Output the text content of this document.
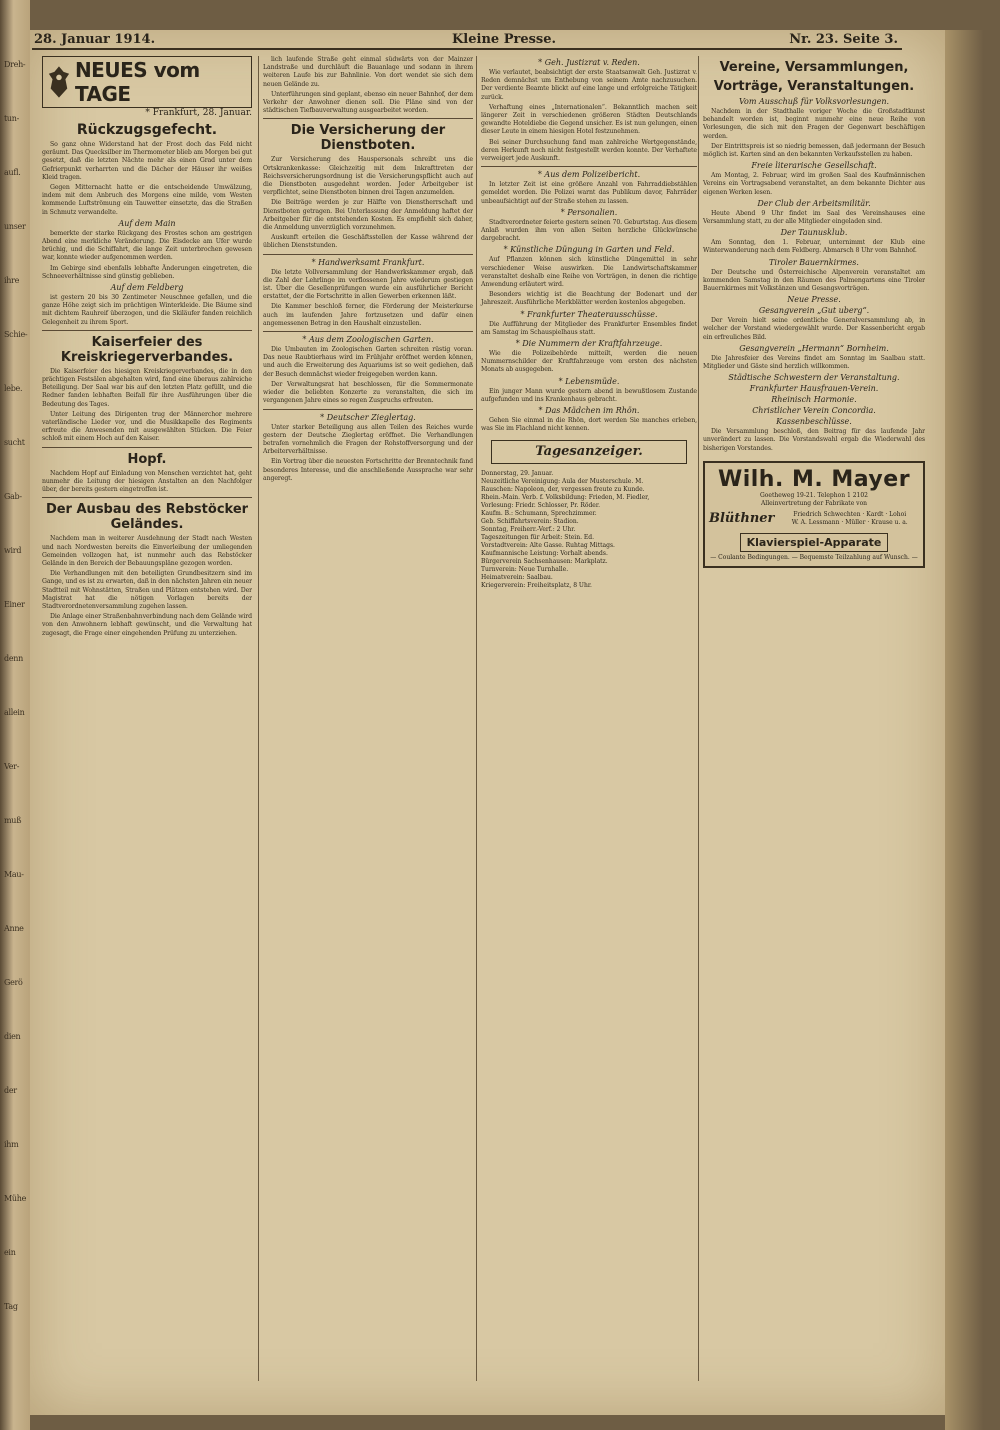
Dreh-
tun-
aufl.
unser
ihre
Schie-
lebe.
sucht
Gab-
wird
Einer
denn
allein
Ver-
muß
Mau-
Anne
Gerö
dien
der
ihm
Mühe
ein
Tag
28. Januar 1914.	Kleine Presse.	Nr. 23. Seite 3.
NEUES vom TAGE
* Frankfurt, 28. Januar.
Rückzugsgefecht.

So ganz ohne Widerstand hat der Frost doch das Feld nicht geräumt. Das Quecksilber im Thermometer blieb am Morgen bei gut gesetzt, daß die letzten Nächte mehr als einen Grad unter dem Gefrierpunkt verharrten und die Dächer der Häuser ihr weißes Kleid tragen.

Gegen Mitternacht hatte er die entscheidende Umwälzung, indem mit dem Anbruch des Morgens eine milde, vom Westen kommende Luftströmung ein Tauwetter einsetzte, das die Straßen in Schmutz verwandelte.

Auf dem Main

bemerkte der starke Rückgang des Frostes schon am gestrigen Abend eine merkliche Veränderung. Die Eisdecke am Ufer wurde brüchig, und die Schiffahrt, die lange Zeit unterbrochen gewesen war, konnte wieder aufgenommen werden.

Im Gebirge sind ebenfalls lebhafte Änderungen eingetreten, die Schneeverhältnisse sind günstig geblieben.

Auf dem Feldberg

ist gestern 20 bis 30 Zentimeter Neuschnee gefallen, und die ganze Höhe zeigt sich im prächtigen Winterkleide. Die Bäume sind mit dichtem Rauhreif überzogen, und die Skiläufer fanden reichlich Gelegenheit zu ihrem Sport.

Kaiserfeier des Kreiskriegerverbandes.

Die Kaiserfeier des hiesigen Kreiskriegerverbandes, die in den prächtigen Festsälen abgehalten wird, fand eine überaus zahlreiche Beteiligung. Der Saal war bis auf den letzten Platz gefüllt, und die Redner fanden lebhaften Beifall für ihre Ausführungen über die Bedeutung des Tages.

Unter Leitung des Dirigenten trug der Männerchor mehrere vaterländische Lieder vor, und die Musikkapelle des Regiments erfreute die Anwesenden mit ausgewählten Stücken. Die Feier schloß mit einem Hoch auf den Kaiser.

Hopf.

Nachdem Hopf auf Einladung von Menschen verzichtet hat, geht nunmehr die Leitung der hiesigen Anstalten an den Nachfolger über, der bereits gestern eingetroffen ist.

Der Ausbau des Rebstöcker Geländes.

Nachdem man in weiterer Ausdehnung der Stadt nach Westen und nach Nordwesten bereits die Einverleibung der umliegenden Gemeinden vollzogen hat, ist nunmehr auch das Rebstöcker Gelände in den Bereich der Bebauungspläne gezogen worden.

Die Verhandlungen mit den beteiligten Grundbesitzern sind im Gange, und es ist zu erwarten, daß in den nächsten Jahren ein neuer Stadtteil mit Wohnstätten, Straßen und Plätzen entstehen wird. Der Magistrat hat die nötigen Vorlagen bereits der Stadtverordnetenversammlung zugehen lassen.

Die Anlage einer Straßenbahnverbindung nach dem Gelände wird von den Anwohnern lebhaft gewünscht, und die Verwaltung hat zugesagt, die Frage einer eingehenden Prüfung zu unterziehen.

lich laufende Straße geht einmal südwärts von der Mainzer Landstraße und durchläuft die Bauanlage und sodann in ihrem weiteren Laufe bis zur Bahnlinie. Von dort wendet sie sich dem neuen Gelände zu.

Unterführungen sind geplant, ebenso ein neuer Bahnhof, der dem Verkehr der Anwohner dienen soll. Die Pläne sind von der städtischen Tiefbauverwaltung ausgearbeitet worden.

Die Versicherung der Dienstboten.

Zur Versicherung des Hauspersonals schreibt uns die Ortskrankenkasse: Gleichzeitig mit dem Inkrafttreten der Reichsversicherungsordnung ist die Versicherungspflicht auch auf die Dienstboten ausgedehnt worden. Jeder Arbeitgeber ist verpflichtet, seine Dienstboten binnen drei Tagen anzumelden.

Die Beiträge werden je zur Hälfte von Dienstherrschaft und Dienstboten getragen. Bei Unterlassung der Anmeldung haftet der Arbeitgeber für die entstehenden Kosten. Es empfiehlt sich daher, die Anmeldung unverzüglich vorzunehmen.

Auskunft erteilen die Geschäftsstellen der Kasse während der üblichen Dienststunden.

* Handwerksamt Frankfurt.

Die letzte Vollversammlung der Handwerkskammer ergab, daß die Zahl der Lehrlinge im verflossenen Jahre wiederum gestiegen ist. Über die Gesellenprüfungen wurde ein ausführlicher Bericht erstattet, der die Fortschritte in allen Gewerben erkennen läßt.

Die Kammer beschloß ferner, die Förderung der Meisterkurse auch im laufenden Jahre fortzusetzen und dafür einen angemessenen Betrag in den Haushalt einzustellen.

* Aus dem Zoologischen Garten.

Die Umbauten im Zoologischen Garten schreiten rüstig voran. Das neue Raubtierhaus wird im Frühjahr eröffnet werden können, und auch die Erweiterung des Aquariums ist so weit gediehen, daß der Besuch demnächst wieder freigegeben werden kann.

Der Verwaltungsrat hat beschlossen, für die Sommermonate wieder die beliebten Konzerte zu veranstalten, die sich im vergangenen Jahre eines so regen Zuspruchs erfreuten.

* Deutscher Zieglertag.

Unter starker Beteiligung aus allen Teilen des Reiches wurde gestern der Deutsche Zieglertag eröffnet. Die Verhandlungen betrafen vornehmlich die Fragen der Rohstoffversorgung und der Arbeiterverhältnisse.

Ein Vortrag über die neuesten Fortschritte der Brenntechnik fand besonderes Interesse, und die anschließende Aussprache war sehr angeregt.

* Geh. Justizrat v. Reden.

Wie verlautet, beabsichtigt der erste Staatsanwalt Geh. Justizrat v. Reden demnächst um Enthebung von seinem Amte nachzusuchen. Der verdiente Beamte blickt auf eine lange und erfolgreiche Tätigkeit zurück.

Verhaftung eines „Internationalen“. Bekanntlich machen seit längerer Zeit in verschiedenen größeren Städten Deutschlands gewandte Hoteldiebe die Gegend unsicher. Es ist nun gelungen, einen dieser Leute in einem hiesigen Hotel festzunehmen.

Bei seiner Durchsuchung fand man zahlreiche Wertgegenstände, deren Herkunft noch nicht festgestellt werden konnte. Der Verhaftete verweigert jede Auskunft.

* Aus dem Polizeibericht.

In letzter Zeit ist eine größere Anzahl von Fahrraddiebstählen gemeldet worden. Die Polizei warnt das Publikum davor, Fahrräder unbeaufsichtigt auf der Straße stehen zu lassen.

* Personalien.

Stadtverordneter feierte gestern seinen 70. Geburtstag. Aus diesem Anlaß wurden ihm von allen Seiten herzliche Glückwünsche dargebracht.

* Künstliche Düngung in Garten und Feld.

Auf Pflanzen können sich künstliche Düngemittel in sehr verschiedener Weise auswirken. Die Landwirtschaftskammer veranstaltet deshalb eine Reihe von Vorträgen, in denen die richtige Anwendung erläutert wird.

Besonders wichtig ist die Beachtung der Bodenart und der Jahreszeit. Ausführliche Merkblätter werden kostenlos abgegeben.

* Frankfurter Theaterausschüsse.

Die Aufführung der Mitglieder des Frankfurter Ensembles findet am Samstag im Schauspielhaus statt.

* Die Nummern der Kraftfahrzeuge.

Wie die Polizeibehörde mitteilt, werden die neuen Nummernschilder der Kraftfahrzeuge vom ersten des nächsten Monats ab ausgegeben.

* Lebensmüde.

Ein junger Mann wurde gestern abend in bewußtlosem Zustande aufgefunden und ins Krankenhaus gebracht.

* Das Mädchen im Rhön.

Gehen Sie einmal in die Rhön, dort werden Sie manches erleben, was Sie im Flachland nicht kennen.

Tagesanzeiger.
Donnerstag, 29. Januar.
Neuzeitliche Vereinigung: Aula der Musterschule. M.
Rauschen: Napoleon, der, vergessen freute zu Kunde.
Rhein.-Main. Verb. f. Volksbildung: Frieden, M. Fiedler,
Vorlesung: Friedr. Schlosser, Pr. Röder.
Kaufm. B.: Schumann, Sprechzimmer.
Geb. Schiffahrtsverein: Stadion.
Sonntag, Freiherr.-Verf.: 2 Uhr.
Tageszeitungen für Arbeit: Stein. Ed.
Vorstadtverein: Alte Gasse. Ruhtag Mittags.
Kaufmannische Leistung: Vorhalt abends.
Bürgerverein Sachsenhausen: Markplatz.
Turnverein: Neue Turnhalle.
Heimatverein: Saalbau.
Kriegerverein: Freiheitsplatz, 8 Uhr.
Vereine, Versammlungen,
Vorträge, Veranstaltungen.
Vom Ausschuß für Volksvorlesungen.

Nachdem in der Stadthalle voriger Woche die Großstadtkunst behandelt worden ist, beginnt nunmehr eine neue Reihe von Vorlesungen, die sich mit den Fragen der Gegenwart beschäftigen werden.

Der Eintrittspreis ist so niedrig bemessen, daß jedermann der Besuch möglich ist. Karten sind an den bekannten Verkaufsstellen zu haben.

Freie literarische Gesellschaft.

Am Montag, 2. Februar, wird im großen Saal des Kaufmännischen Vereins ein Vortragsabend veranstaltet, an dem bekannte Dichter aus eigenen Werken lesen.

Der Club der Arbeitsmilitär.

Heute Abend 9 Uhr findet im Saal des Vereinshauses eine Versammlung statt, zu der alle Mitglieder eingeladen sind.

Der Taunusklub.

Am Sonntag, den 1. Februar, unternimmt der Klub eine Winterwanderung nach dem Feldberg. Abmarsch 8 Uhr vom Bahnhof.

Tiroler Bauernkirmes.

Der Deutsche und Österreichische Alpenverein veranstaltet am kommenden Samstag in den Räumen des Palmengartens eine Tiroler Bauernkirmes mit Volkstänzen und Gesangsvorträgen.

Neue Presse.
Gesangverein „Gut uberg“.

Der Verein hielt seine ordentliche Generalversammlung ab, in welcher der Vorstand wiedergewählt wurde. Der Kassenbericht ergab ein erfreuliches Bild.

Gesangverein „Hermann“ Bornheim.

Die Jahresfeier des Vereins findet am Sonntag im Saalbau statt. Mitglieder und Gäste sind herzlich willkommen.

Städtische Schwestern der Veranstaltung.
Frankfurter Hausfrauen-Verein.
Rheinisch Harmonie.
Christlicher Verein Concordia.
Kassenbeschlüsse.

Die Versammlung beschloß, den Beitrag für das laufende Jahr unverändert zu lassen. Die Vorstandswahl ergab die Wiederwahl des bisherigen Vorstandes.

Wilh. M. Mayer
Goetheweg 19-21. Telephon 1 2102
Alleinvertretung der Fabrikate von
Blüthner	Friedrich Schwechten · Kardt · Lohoi
W. A. Lessmann · Müller · Krause u. a.
Klavierspiel-Apparate
— Coulante Bedingungen. — Bequemste Teilzahlung auf Wunsch. —
